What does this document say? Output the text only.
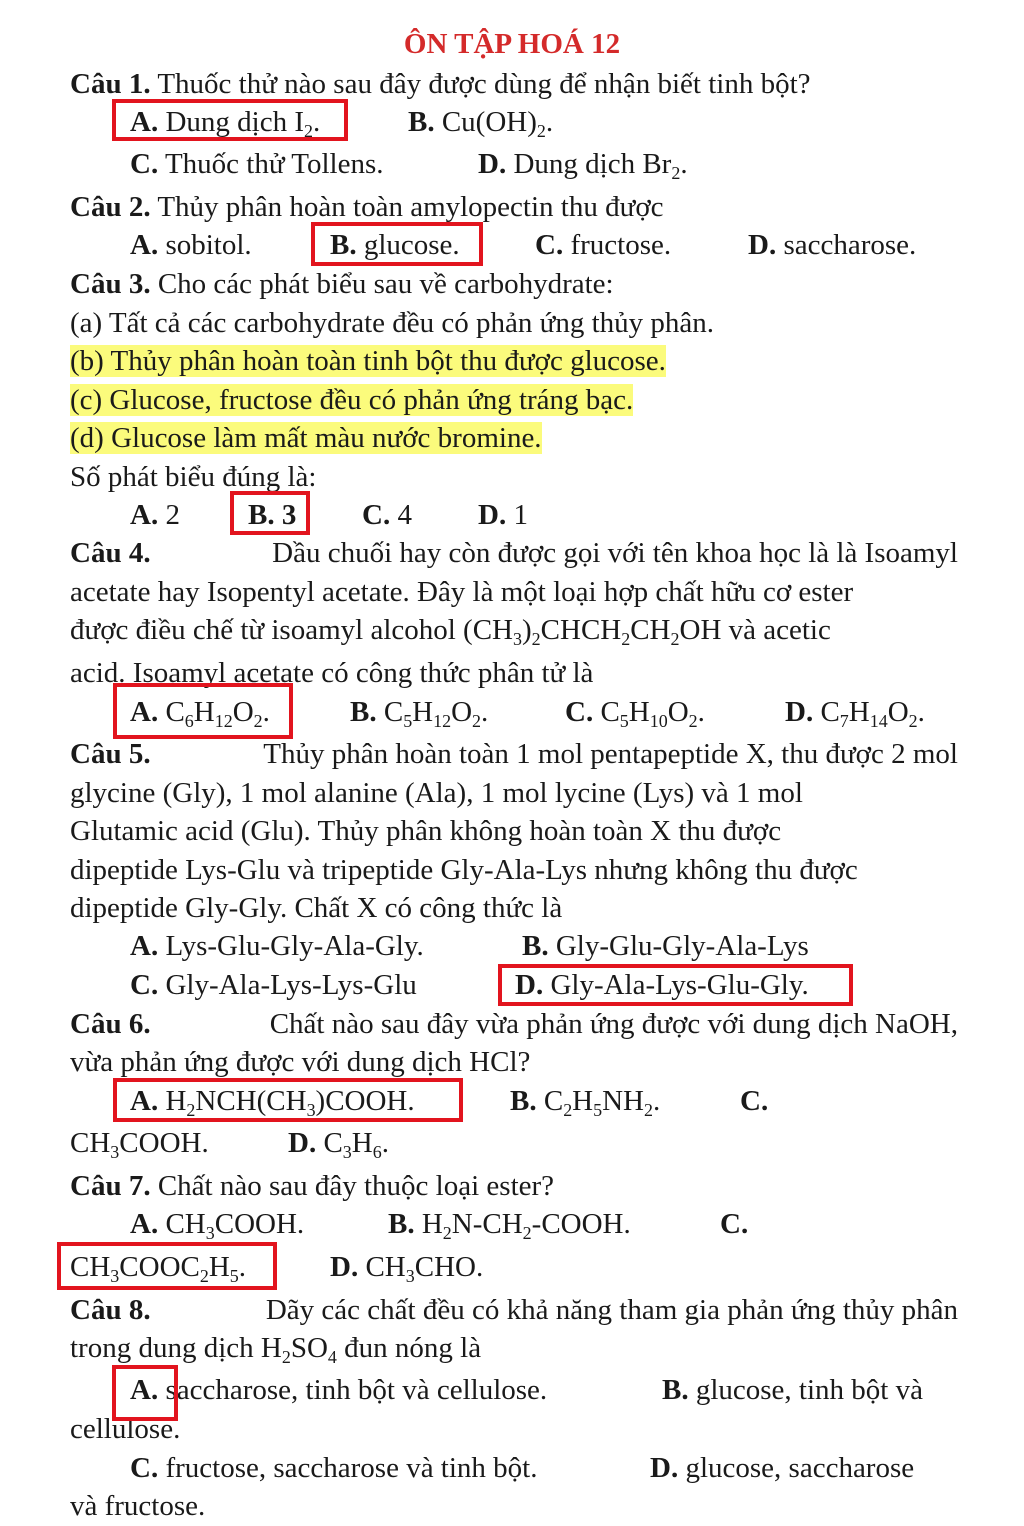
ÔN TẬP HOÁ 12
Câu 1. Thuốc thử nào sau đây được dùng để nhận biết tinh bột?
A. Dung dịch $I_2$.	B. $Cu(OH)_2$.
C. Thuốc thử Tollens.	D. Dung dịch $Br_2$.
Câu 2. Thủy phân hoàn toàn amylopectin thu được
A. sobitol.	B. glucose.	C. fructose.	D. saccharose.
Câu 3. Cho các phát biểu sau về carbohydrate:
(a) Tất cả các carbohydrate đều có phản ứng thủy phân.
(b) Thủy phân hoàn toàn tinh bột thu được glucose.
(c) Glucose, fructose đều có phản ứng tráng bạc.
(d) Glucose làm mất màu nước bromine.
Số phát biểu đúng là:
A. 2 B. 3 C. 4 D. 1
Câu 4.	Dầu chuối hay còn được gọi với tên khoa học là là Isoamyl
acetate hay Isopentyl acetate. Đây là một loại hợp chất hữu cơ ester
được điều chế từ isoamyl alcohol $(CH_3)_2CHCH_2CH_2OH$ và acetic
acid. Isoamyl acetate có công thức phân tử là
A. $C_6H_{12}O_2$.	B. $C_5H_{12}O_2$.	C. $C_5H_{10}O_2$.	D. $C_7H_{14}O_2$.
Câu 5.	Thủy phân hoàn toàn 1 mol pentapeptide X, thu được 2 mol
glycine (Gly), 1 mol alanine (Ala), 1 mol lycine (Lys) và 1 mol
Glutamic acid (Glu). Thủy phân không hoàn toàn X thu được
dipeptide Lys-Glu và tripeptide Gly-Ala-Lys nhưng không thu được
dipeptide Gly-Gly. Chất X có công thức là
A. Lys-Glu-Gly-Ala-Gly.	B. Gly-Glu-Gly-Ala-Lys
C. Gly-Ala-Lys-Lys-Glu	D. Gly-Ala-Lys-Glu-Gly.
Câu 6.	Chất nào sau đây vừa phản ứng được với dung dịch NaOH,
vừa phản ứng được với dung dịch HCl?
A. $H_2NCH(CH_3)COOH$.	B. $C_2H_5NH_2$.	C.
$CH_3COOH$.	D. $C_3H_6$.
Câu 7. Chất nào sau đây thuộc loại ester?
A. $CH_3COOH$.	B. $H_2N-CH_2$-COOH.	C.
$CH_3COOC_2H_5$.	D. $CH_3CHO$.
Câu 8.	Dãy các chất đều có khả năng tham gia phản ứng thủy phân
trong dung dịch $H_2SO_4$ đun nóng là
A. saccharose, tinh bột và cellulose.	B. glucose, tinh bột và
cellulose.
C. fructose, saccharose và tinh bột.	D. glucose, saccharose
và fructose.
